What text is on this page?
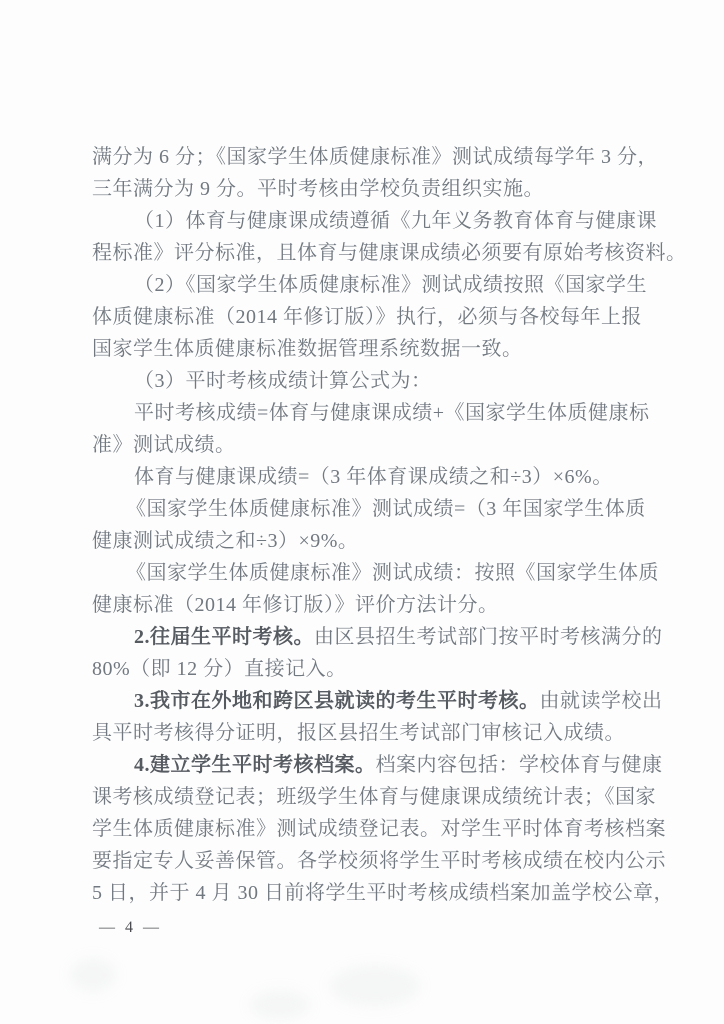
满分为 6 分；《国家学生体质健康标准》测试成绩每学年 3 分，
三年满分为 9 分。平时考核由学校负责组织实施。
（1）体育与健康课成绩遵循《九年义务教育体育与健康课
程标准》评分标准，且体育与健康课成绩必须要有原始考核资料。
（2）《国家学生体质健康标准》测试成绩按照《国家学生
体质健康标准（2014 年修订版）》执行，必须与各校每年上报
国家学生体质健康标准数据管理系统数据一致。
（3）平时考核成绩计算公式为：
平时考核成绩=体育与健康课成绩+《国家学生体质健康标
准》测试成绩。
体育与健康课成绩=（3 年体育课成绩之和÷3）×6%。
《国家学生体质健康标准》测试成绩=（3 年国家学生体质
健康测试成绩之和÷3）×9%。
《国家学生体质健康标准》测试成绩：按照《国家学生体质
健康标准（2014 年修订版）》评价方法计分。
2.往届生平时考核。由区县招生考试部门按平时考核满分的
80%（即 12 分）直接记入。
3.我市在外地和跨区县就读的考生平时考核。由就读学校出
具平时考核得分证明，报区县招生考试部门审核记入成绩。
4.建立学生平时考核档案。档案内容包括：学校体育与健康
课考核成绩登记表；班级学生体育与健康课成绩统计表；《国家
学生体质健康标准》测试成绩登记表。对学生平时体育考核档案
要指定专人妥善保管。各学校须将学生平时考核成绩在校内公示
5 日，并于 4 月 30 日前将学生平时考核成绩档案加盖学校公章，
— 4 —
